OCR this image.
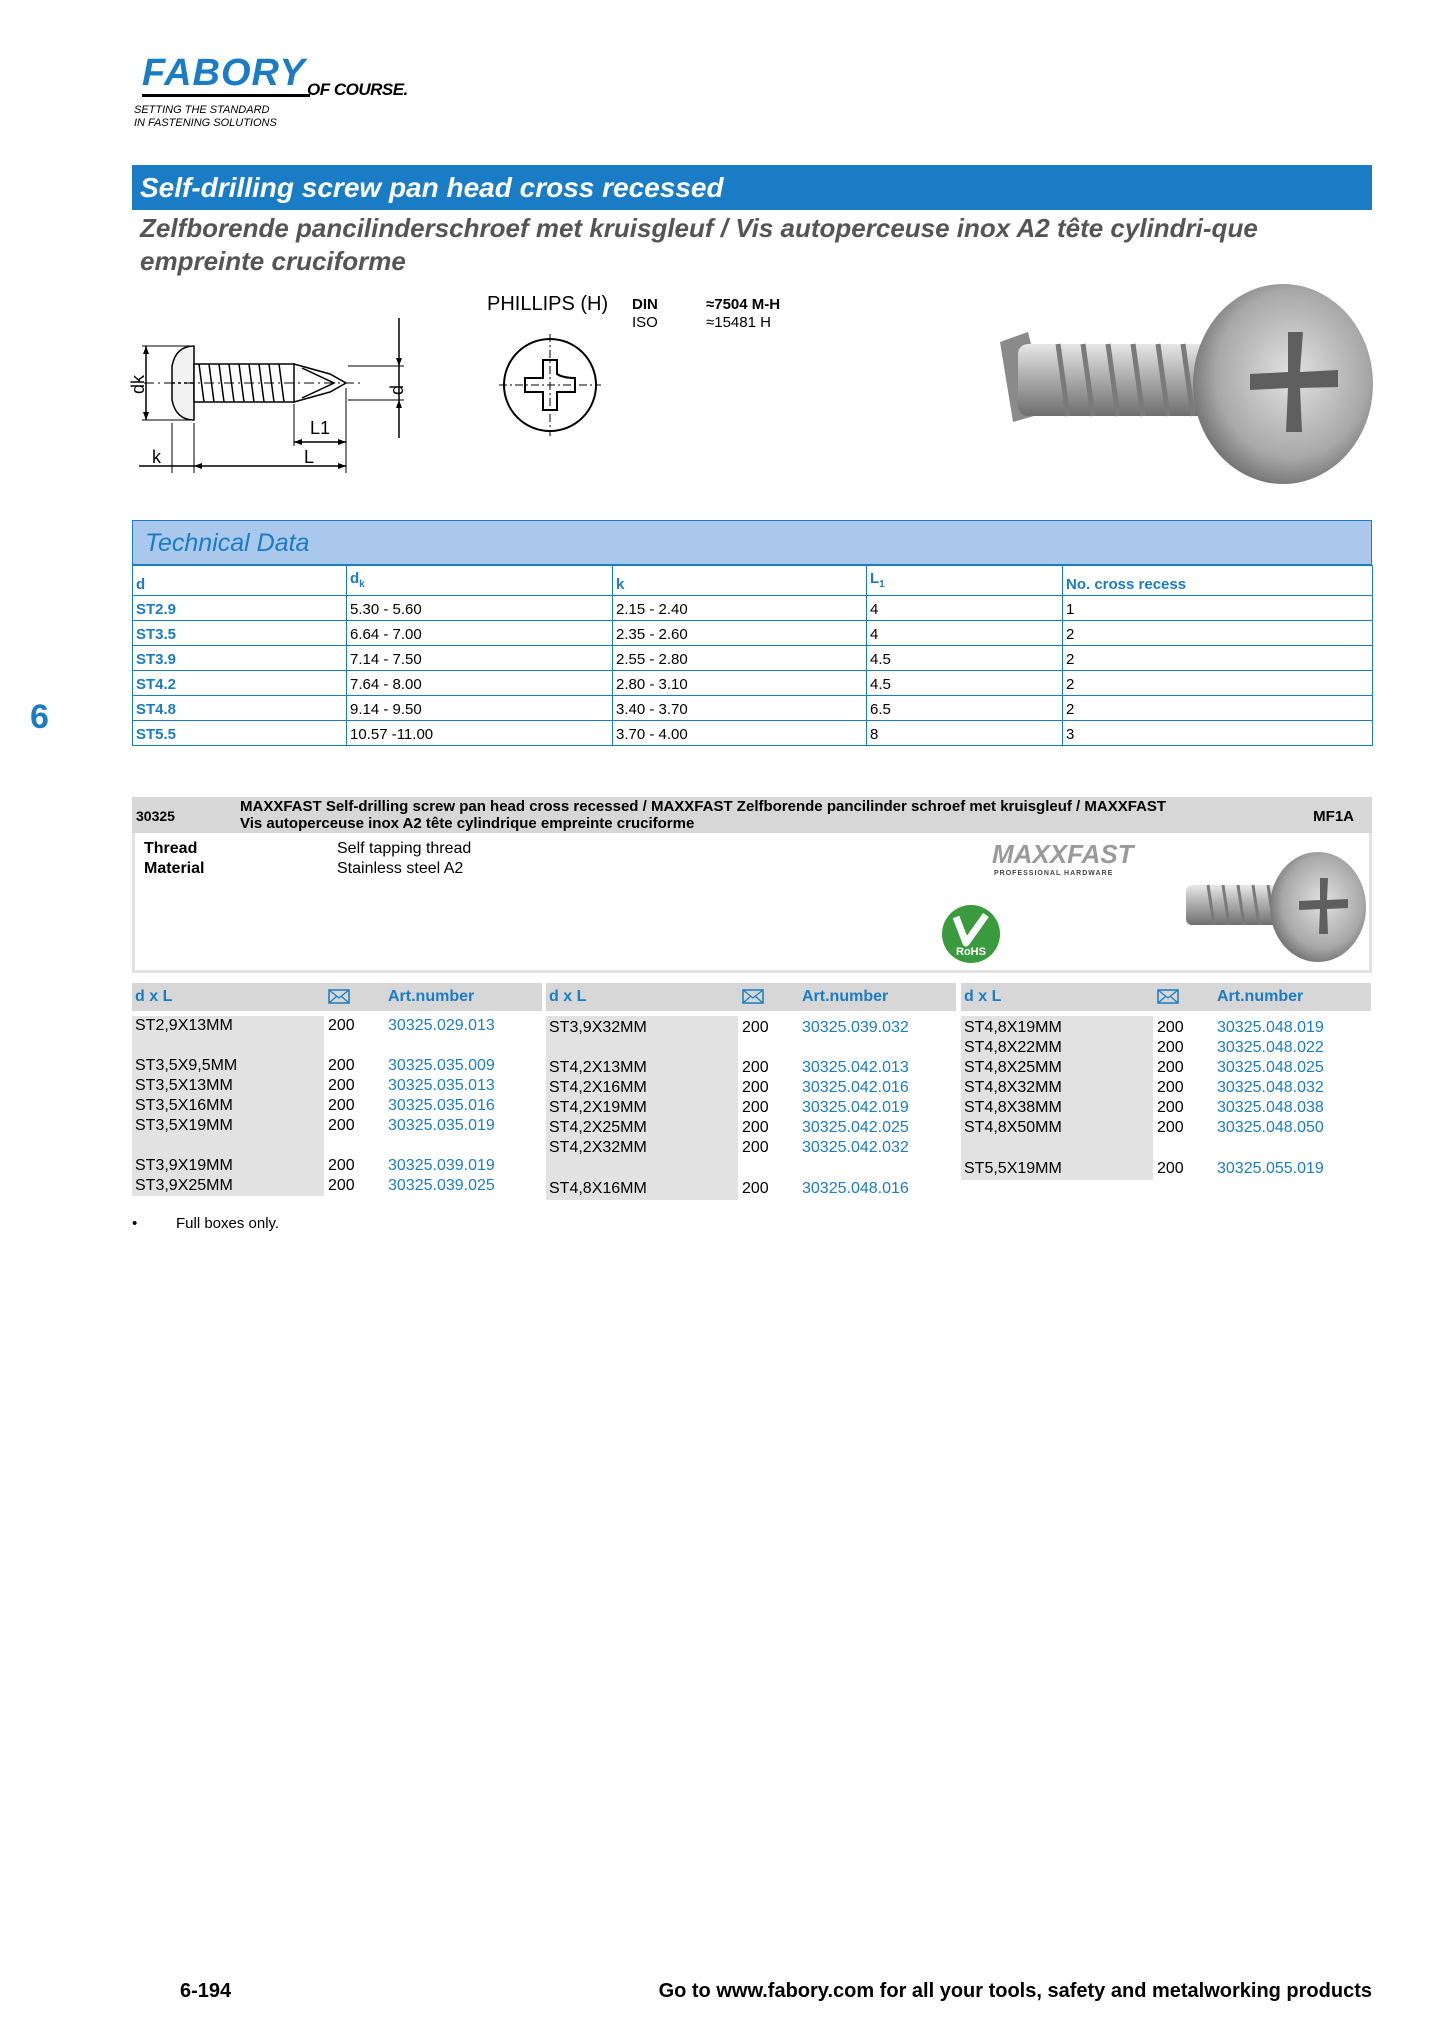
FABORY OF COURSE.
SETTING THE STANDARD
IN FASTENING SOLUTIONS
Self-drilling screw pan head cross recessed
Zelfborende pancilinderschroef met kruisgleuf / Vis autoperceuse inox A2 tête cylindri-que empreinte cruciforme
dk	d
k	L
L1
PHILLIPS (H) DIN	≈7504 M-H
ISO	≈15481 H
Technical Data
d	$d_k$	k	$L_1$	No. cross recess
ST2.9	5.30 - 5.60	2.15 - 2.40	4	1
ST3.5	6.64 - 7.00	2.35 - 2.60	4	2
ST3.9	7.14 - 7.50	2.55 - 2.80	4.5	2
ST4.2	7.64 - 8.00	2.80 - 3.10	4.5	2
ST4.8	9.14 - 9.50	3.40 - 3.70	6.5	2
ST5.5	10.57 -11.00	3.70 - 4.00	8	3
6
30325
MAXXFAST Self-drilling screw pan head cross recessed / MAXXFAST Zelfborende pancilinder schroef met kruisgleuf / MAXXFAST
Vis autoperceuse inox A2 tête cylindrique empreinte cruciforme	MF1A
Thread	Self tapping thread
Material	Stainless steel A2	MAXXFAST
PROFESSIONAL HARDWARE
RoHS
d x L	Art.number
ST2,9X13MM	200 30325.029.013
ST3,5X9,5MM	200 30325.035.009
ST3,5X13MM	200 30325.035.013
ST3,5X16MM	200 30325.035.016
ST3,5X19MM	200 30325.035.019
ST3,9X19MM	200 30325.039.019
ST3,9X25MM	200 30325.039.025
d x L	Art.number
ST3,9X32MM	200 30325.039.032
ST4,2X13MM	200 30325.042.013
ST4,2X16MM	200 30325.042.016
ST4,2X19MM	200 30325.042.019
ST4,2X25MM	200 30325.042.025
ST4,2X32MM	200 30325.042.032
ST4,8X16MM	200 30325.048.016
d x L	Art.number
ST4,8X19MM	200 30325.048.019
ST4,8X22MM	200 30325.048.022
ST4,8X25MM	200 30325.048.025
ST4,8X32MM	200 30325.048.032
ST4,8X38MM	200 30325.048.038
ST4,8X50MM	200 30325.048.050
ST5,5X19MM	200 30325.055.019
•	Full boxes only.
6-194	Go to www.fabory.com for all your tools, safety and metalworking products
